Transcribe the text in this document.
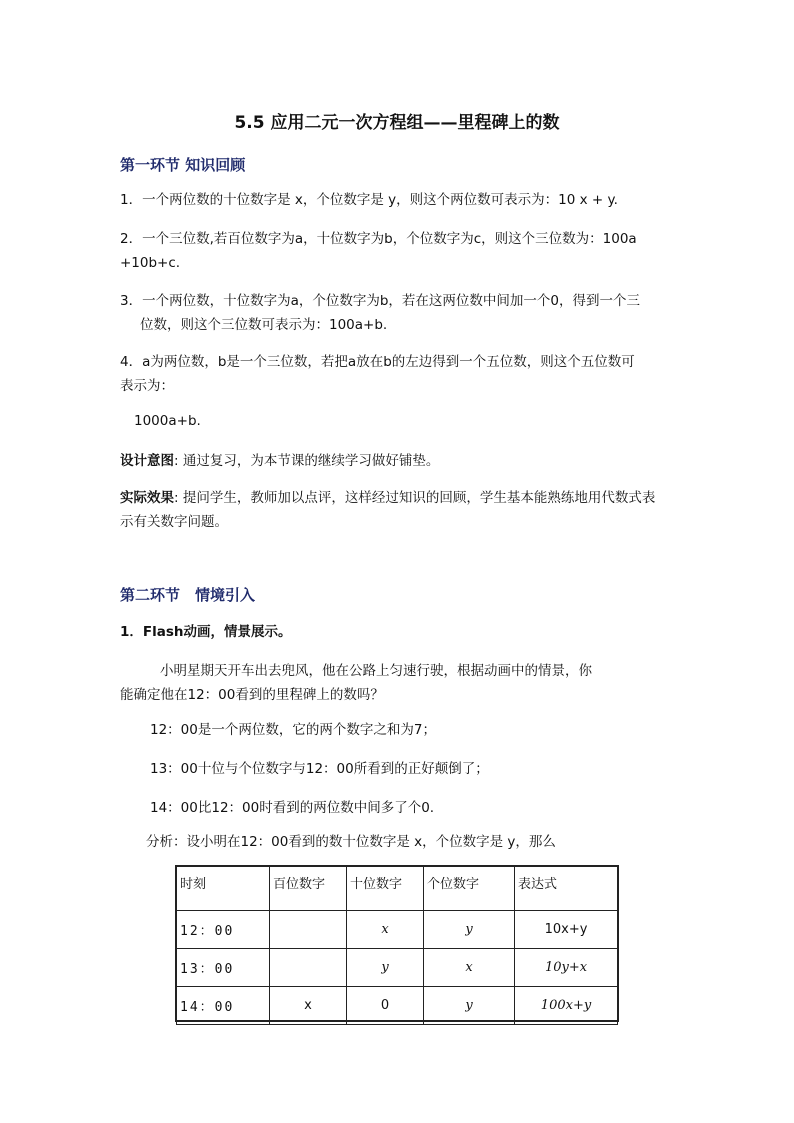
5.5 应用二元一次方程组——里程碑上的数
第一环节 知识回顾
1．一个两位数的十位数字是 x，个位数字是 y，则这个两位数可表示为：10 x + y.
2．一个三位数,若百位数字为a，十位数字为b，个位数字为c，则这个三位数为：100a
+10b+c.
3．一个两位数，十位数字为a，个位数字为b，若在这两位数中间加一个0，得到一个三
位数，则这个三位数可表示为：100a+b.
4．a为两位数，b是一个三位数，若把a放在b的左边得到一个五位数，则这个五位数可
表示为：
1000a+b.
设计意图: 通过复习，为本节课的继续学习做好铺垫。
实际效果: 提问学生，教师加以点评，这样经过知识的回顾，学生基本能熟练地用代数式表
示有关数字问题。
第二环节　情境引入
1．Flash动画，情景展示。
小明星期天开车出去兜风，他在公路上匀速行驶，根据动画中的情景，你
能确定他在12：00看到的里程碑上的数吗？
12：00是一个两位数，它的两个数字之和为7；
13：00十位与个位数字与12：00所看到的正好颠倒了；
14：00比12：00时看到的两位数中间多了个0.
分析：设小明在12：00看到的数十位数字是 x，个位数字是 y，那么
时刻	百位数字	十位数字	个位数字	表达式
12：00		x	y	10x+y
13：00		y	x	10y+x
14：00	x	0	y	100x+y
